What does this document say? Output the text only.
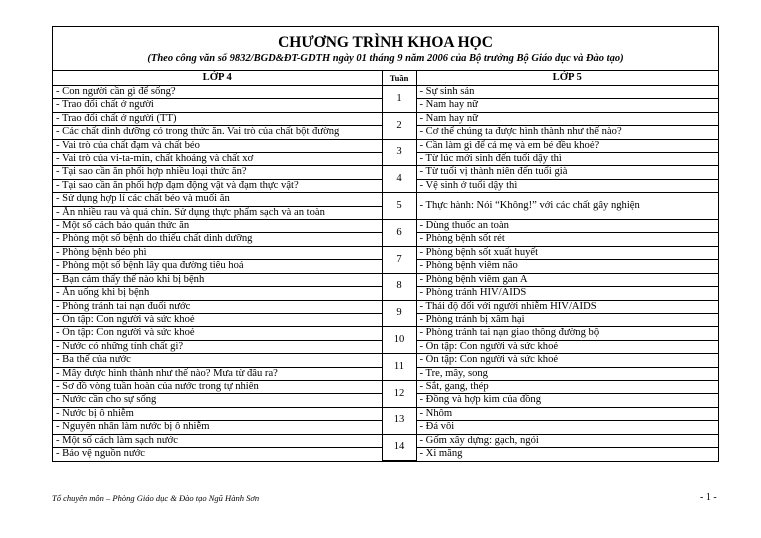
CHƯƠNG TRÌNH KHOA HỌC
(Theo công văn số 9832/BGD&ĐT-GDTH ngày 01 tháng 9 năm 2006 của Bộ trưởng Bộ Giáo dục và Đào tạo)
LỚP 4	Tuần	LỚP 5
- Con người cần gì để sống?	1	- Sự sinh sản
- Trao đổi chất ở người		- Nam hay nữ
- Trao đổi chất ở người (TT)	2	- Nam hay nữ
- Các chất dinh dưỡng có trong thức ăn. Vai trò của chất bột đường		- Cơ thể chúng ta được hình thành như thế nào?
- Vai trò của chất đạm và chất béo	3	- Cần làm gì để cả mẹ và em bé đều khoẻ?
- Vai trò của vi-ta-min, chất khoáng và chất xơ		- Từ lúc mới sinh đến tuổi dậy thì
- Tại sao cần ăn phối hợp nhiều loại thức ăn?	4	- Từ tuổi vị thành niên đến tuổi già
- Tại sao cần ăn phối hợp đạm động vật và đạm thực vật?		- Vệ sinh ở tuổi dậy thì
- Sử dụng hợp lí các chất béo và muối ăn	5	- Thực hành: Nói “Không!” với các chất gây nghiện
- Ăn nhiều rau và quả chín. Sử dụng thực phẩm sạch và an toàn		
- Một số cách bảo quản thức ăn	6	- Dùng thuốc an toàn
- Phòng một số bệnh do thiếu chất dinh dưỡng		- Phòng bệnh sốt rét
- Phòng bệnh béo phì	7	- Phòng bệnh sốt xuất huyết
- Phòng một số bệnh lây qua đường tiêu hoá		- Phòng bệnh viêm não
- Bạn cảm thấy thế nào khi bị bệnh	8	- Phòng bệnh viêm gan A
- Ăn uống khi bị bệnh		- Phòng tránh HIV/AIDS
- Phòng tránh tai nạn đuối nước	9	- Thái độ đối với người nhiễm HIV/AIDS
- Ôn tập: Con người và sức khoẻ		- Phòng tránh bị xâm hại
- Ôn tập: Con người và sức khoẻ	10	- Phòng tránh tai nạn giao thông đường bộ
- Nước có những tính chất gì?		- Ôn tập: Con người và sức khoẻ
- Ba thể của nước	11	- Ôn tập: Con người và sức khoẻ
- Mây được hình thành như thế nào? Mưa từ đâu ra?		- Tre, mây, song
- Sơ đồ vòng tuần hoàn của nước trong tự nhiên	12	- Sắt, gang, thép
- Nước cần cho sự sống		- Đồng và hợp kim của đồng
- Nước bị ô nhiễm	13	- Nhôm
- Nguyên nhân làm nước bị ô nhiễm		- Đá vôi
- Một số cách làm sạch nước	14	- Gốm xây dựng: gạch, ngói
- Bảo vệ nguồn nước		- Xi măng
Tổ chuyên môn – Phòng Giáo dục & Đào tạo Ngũ Hành Sơn	- 1 -
